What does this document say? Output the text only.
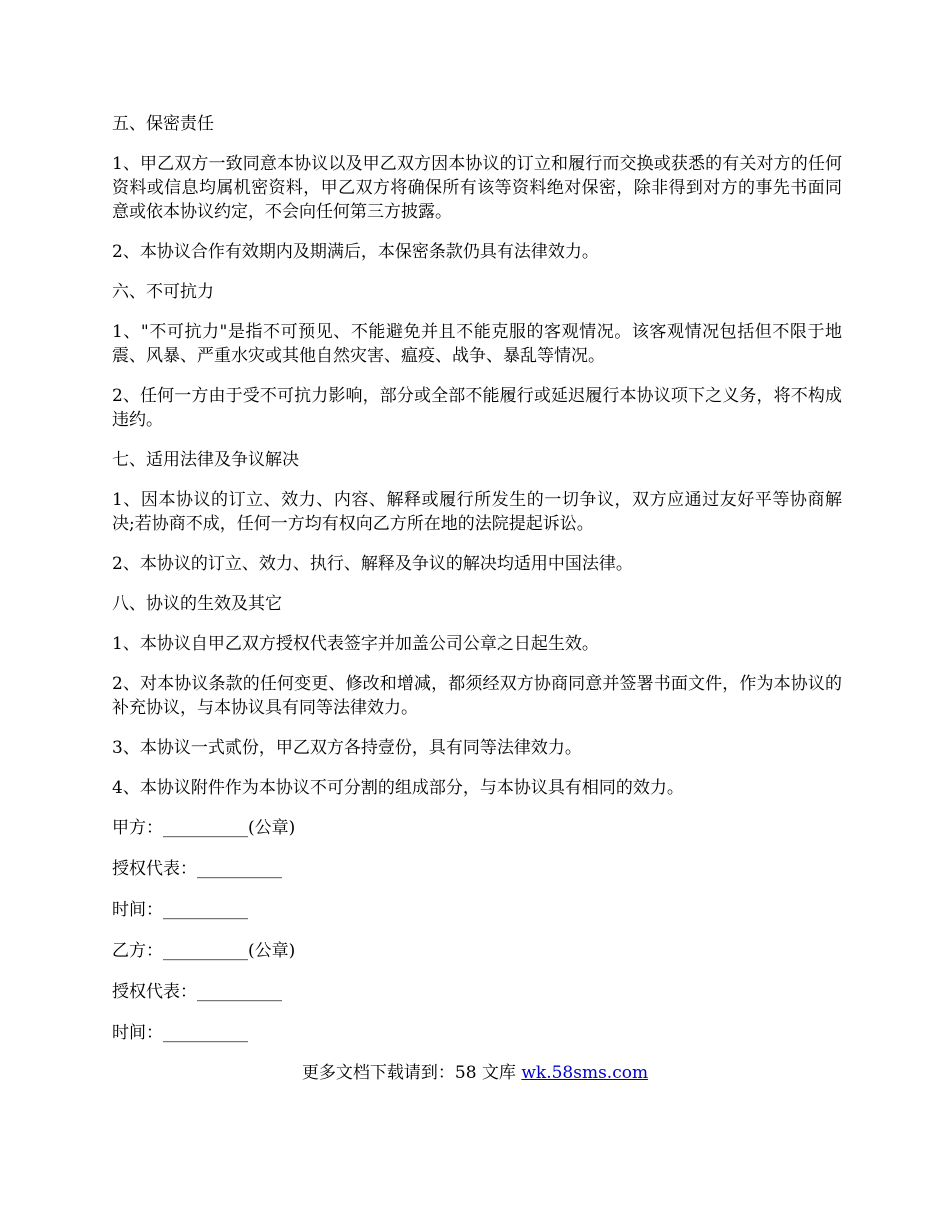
五、保密责任

1、甲乙双方一致同意本协议以及甲乙双方因本协议的订立和履行而交换或获悉的有关对方的任何资料或信息均属机密资料，甲乙双方将确保所有该等资料绝对保密，除非得到对方的事先书面同意或依本协议约定，不会向任何第三方披露。

2、本协议合作有效期内及期满后，本保密条款仍具有法律效力。

六、不可抗力

1、"不可抗力"是指不可预见、不能避免并且不能克服的客观情况。该客观情况包括但不限于地震、风暴、严重水灾或其他自然灾害、瘟疫、战争、暴乱等情况。

2、任何一方由于受不可抗力影响，部分或全部不能履行或延迟履行本协议项下之义务，将不构成违约。

七、适用法律及争议解决

1、因本协议的订立、效力、内容、解释或履行所发生的一切争议，双方应通过友好平等协商解决;若协商不成，任何一方均有权向乙方所在地的法院提起诉讼。

2、本协议的订立、效力、执行、解释及争议的解决均适用中国法律。

八、协议的生效及其它

1、本协议自甲乙双方授权代表签字并加盖公司公章之日起生效。

2、对本协议条款的任何变更、修改和增减，都须经双方协商同意并签署书面文件，作为本协议的补充协议，与本协议具有同等法律效力。

3、本协议一式贰份，甲乙双方各持壹份，具有同等法律效力。

4、本协议附件作为本协议不可分割的组成部分，与本协议具有相同的效力。

甲方：__________(公章)

授权代表：__________

时间：__________

乙方：__________(公章)

授权代表：__________

时间：__________

更多文档下载请到：58 文库 wk.58sms.com
